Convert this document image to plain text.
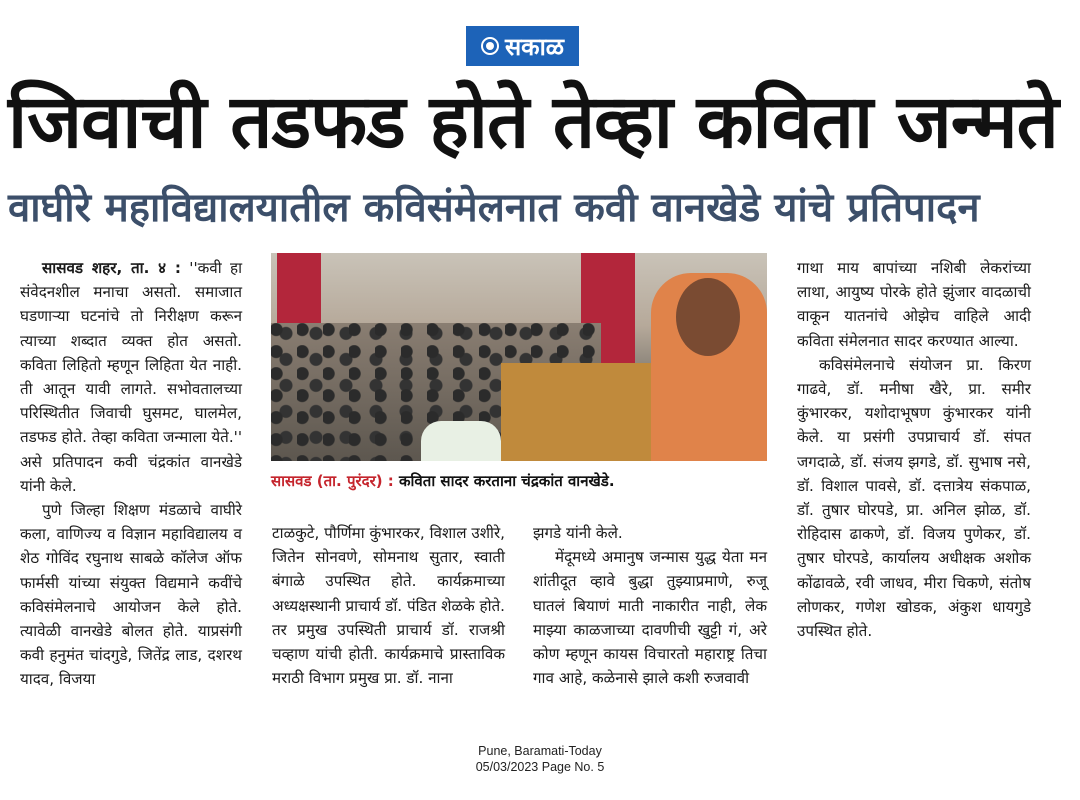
सकाळ
जिवाची तडफड होते तेव्हा कविता जन्मते
वाघीरे महाविद्यालयातील कविसंमेलनात कवी वानखेडे यांचे प्रतिपादन

सासवड शहर, ता. ४ : ''कवी हा संवेदनशील मनाचा असतो. समाजात घडणाऱ्या घटनांचे तो निरीक्षण करून त्याच्या शब्दात व्यक्त होत असतो. कविता लिहितो म्हणून लिहिता येत नाही. ती आतून यावी लागते. सभोवतालच्या परिस्थितीत जिवाची घुसमट, घालमेल, तडफड होते. तेव्हा कविता जन्माला येते.'' असे प्रतिपादन कवी चंद्रकांत वानखेडे यांनी केले.

पुणे जिल्हा शिक्षण मंडळाचे वाघीरे कला, वाणिज्य व विज्ञान महाविद्यालय व शेठ गोविंद रघुनाथ साबळे कॉलेज ऑफ फार्मसी यांच्या संयुक्त विद्यमाने कवींचे कविसंमेलनाचे आयोजन केले होते. त्यावेळी वानखेडे बोलत होते. याप्रसंगी कवी हनुमंत चांदगुडे, जितेंद्र लाड, दशरथ यादव, विजया

सासवड (ता. पुरंदर) : कविता सादर करताना चंद्रकांत वानखेडे.

टाळकुटे, पौर्णिमा कुंभारकर, विशाल उशीरे, जितेन सोनवणे, सोमनाथ सुतार, स्वाती बंगाळे उपस्थित होते. कार्यक्रमाच्या अध्यक्षस्थानी प्राचार्य डॉ. पंडित शेळके होते. तर प्रमुख उपस्थिती प्राचार्य डॉ. राजश्री चव्हाण यांची होती. कार्यक्रमाचे प्रास्ताविक मराठी विभाग प्रमुख प्रा. डॉ. नाना

झगडे यांनी केले.

मेंदूमध्ये अमानुष जन्मास युद्ध येता मन शांतीदूत व्हावे बुद्धा तुझ्याप्रमाणे, रुजू घातलं बियाणं माती नाकारीत नाही, लेक माझ्या काळजाच्या दावणीची खुट्टी गं, अरे कोण म्हणून कायस विचारतो महाराष्ट्र तिचा गाव आहे, कळेनासे झाले कशी रुजवावी

गाथा माय बापांच्या नशिबी लेकरांच्या लाथा, आयुष्य पोरके होते झुंजार वादळाची वाकून यातनांचे ओझेच वाहिले आदी कविता संमेलनात सादर करण्यात आल्या.

कविसंमेलनाचे संयोजन प्रा. किरण गाढवे, डॉ. मनीषा खैरे, प्रा. समीर कुंभारकर, यशोदाभूषण कुंभारकर यांनी केले. या प्रसंगी उपप्राचार्य डॉ. संपत जगदाळे, डॉ. संजय झगडे, डॉ. सुभाष नसे, डॉ. विशाल पावसे, डॉ. दत्तात्रेय संकपाळ, डॉ. तुषार घोरपडे, प्रा. अनिल झोळ, डॉ. रोहिदास ढाकणे, डॉ. विजय पुणेकर, डॉ. तुषार घोरपडे, कार्यालय अधीक्षक अशोक कोंढावळे, रवी जाधव, मीरा चिकणे, संतोष लोणकर, गणेश खोडक, अंकुश धायगुडे उपस्थित होते.

Pune, Baramati-Today
05/03/2023 Page No. 5
